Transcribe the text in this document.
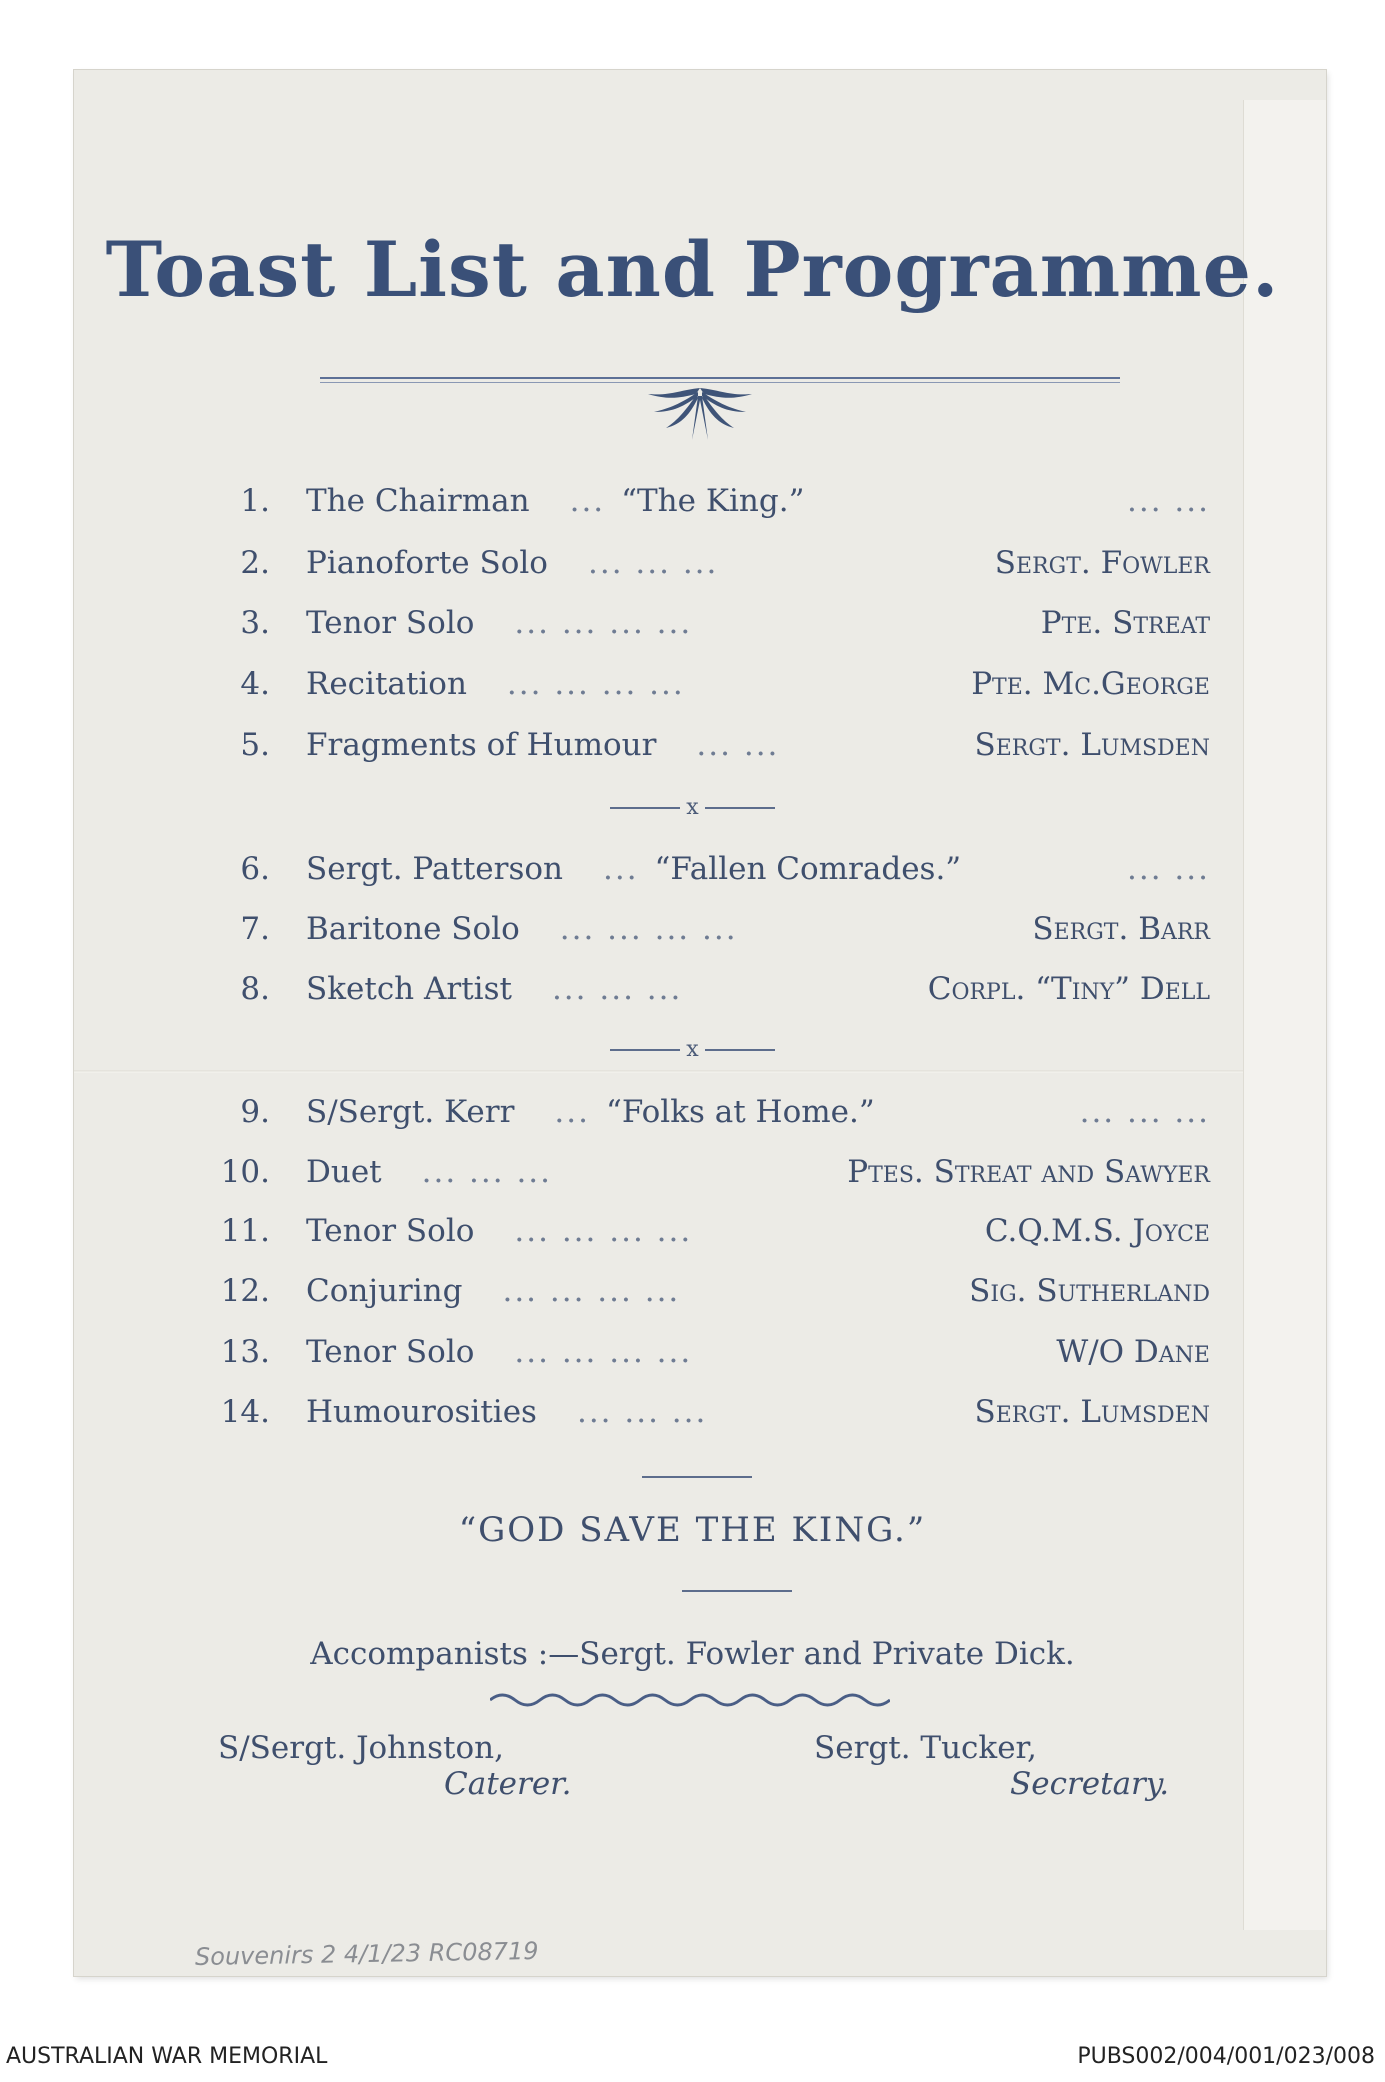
Toast List and Programme.
1. The Chairman ... “The King.”	... ...
2. Pianoforte Solo ... ... ...	Sergt. Fowler
3. Tenor Solo ... ... ... ...	Pte. Streat
4. Recitation ... ... ... ...	Pte. Mc.George
5. Fragments of Humour ... ...	Sergt. Lumsden
6. Sergt. Patterson ... “Fallen Comrades.”	... ...
7. Baritone Solo ... ... ... ...	Sergt. Barr
8. Sketch Artist ... ... ...	Corpl. “Tiny” Dell
9. S/Sergt. Kerr ... “Folks at Home.”	... ... ...
10. Duet ... ... ...	Ptes. Streat and Sawyer
11. Tenor Solo ... ... ... ...	C.Q.M.S. Joyce
12. Conjuring ... ... ... ...	Sig. Sutherland
13. Tenor Solo ... ... ... ...	W/O Dane
14. Humourosities ... ... ...	Sergt. Lumsden
x
x
“GOD SAVE THE KING.”
Accompanists :—Sergt. Fowler and Private Dick.
S/Sergt. Johnston,
Caterer.
Sergt. Tucker,
Secretary.
Souvenirs 2 4/1/23 RC08719
AUSTRALIAN WAR MEMORIAL	PUBS002/004/001/023/008
